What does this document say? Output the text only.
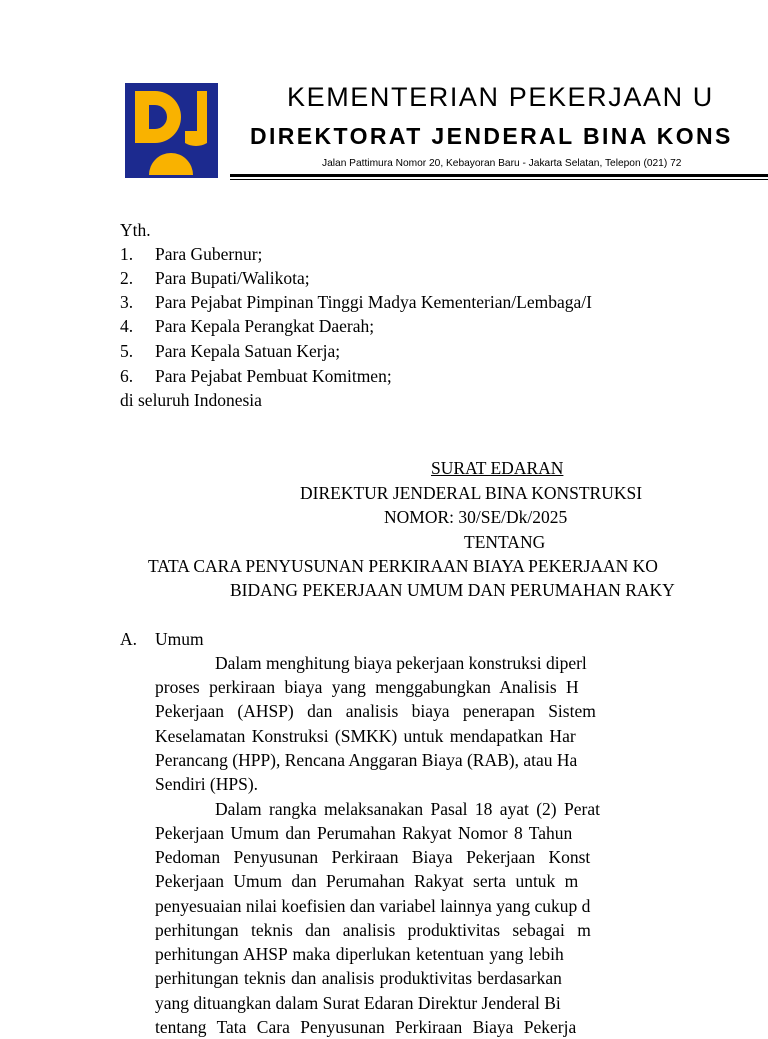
KEMENTERIAN PEKERJAAN U
DIREKTORAT JENDERAL BINA KONS
Jalan Pattimura Nomor 20, Kebayoran Baru - Jakarta Selatan, Telepon (021) 72
Yth.
1. Para Gubernur;
2. Para Bupati/Walikota;
3. Para Pejabat Pimpinan Tinggi Madya Kementerian/Lembaga/I
4. Para Kepala Perangkat Daerah;
5. Para Kepala Satuan Kerja;
6. Para Pejabat Pembuat Komitmen;
di seluruh Indonesia
SURAT EDARAN
DIREKTUR JENDERAL BINA KONSTRUKSI
NOMOR: 30/SE/Dk/2025
TENTANG
TATA CARA PENYUSUNAN PERKIRAAN BIAYA PEKERJAAN KO
BIDANG PEKERJAAN UMUM DAN PERUMAHAN RAKY
A. Umum
Dalam menghitung biaya pekerjaan konstruksi diperl
proses perkiraan biaya yang menggabungkan Analisis H
Pekerjaan (AHSP) dan analisis biaya penerapan Sistem
Keselamatan Konstruksi (SMKK) untuk mendapatkan Har
Perancang (HPP), Rencana Anggaran Biaya (RAB), atau Ha
Sendiri (HPS).
Dalam rangka melaksanakan Pasal 18 ayat (2) Perat
Pekerjaan Umum dan Perumahan Rakyat Nomor 8 Tahun
Pedoman Penyusunan Perkiraan Biaya Pekerjaan Konst
Pekerjaan Umum dan Perumahan Rakyat serta untuk m
penyesuaian nilai koefisien dan variabel lainnya yang cukup d
perhitungan teknis dan analisis produktivitas sebagai m
perhitungan AHSP maka diperlukan ketentuan yang lebih
perhitungan teknis dan analisis produktivitas berdasarkan
yang dituangkan dalam Surat Edaran Direktur Jenderal Bi
tentang Tata Cara Penyusunan Perkiraan Biaya Pekerja
